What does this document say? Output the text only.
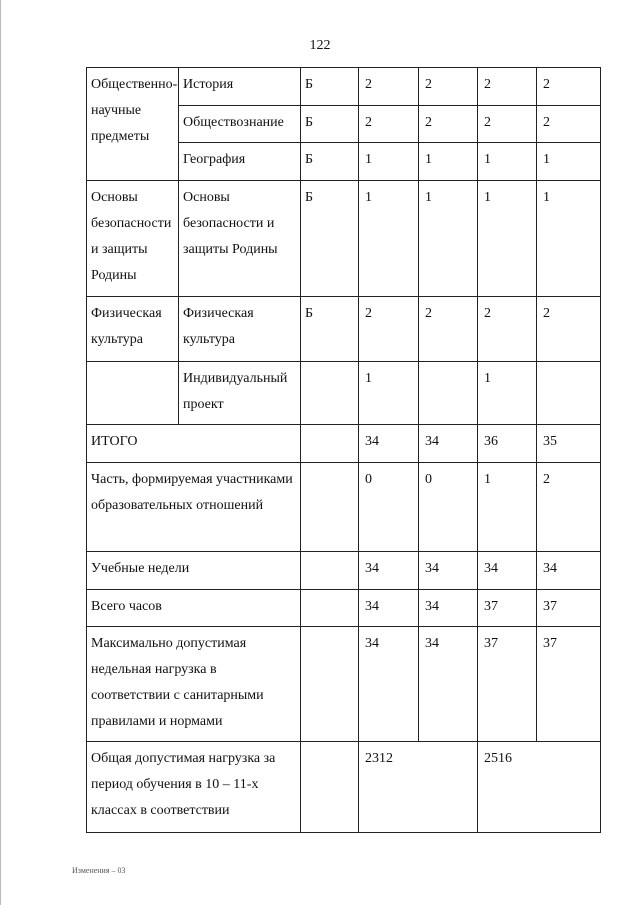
122
Общественно-научные предметы	История	Б	2	2	2	2
	Обществознание	Б	2	2	2	2
	География	Б	1	1	1	1
Основы безопасности и защиты Родины	Основы безопасности и защиты Родины	Б	1	1	1	1
Физическая культура	Физическая культура	Б	2	2	2	2
	Индивидуальный проект		1		1	
ИТОГО			34	34	36	35
Часть, формируемая участниками образовательных отношений			0	0	1	2
Учебные недели			34	34	34	34
Всего часов			34	34	37	37
Максимально допустимая недельная нагрузка в соответствии с санитарными правилами и нормами			34	34	37	37
Общая допустимая нагрузка за период обучения в 10 – 11-х классах в соответствии			2312		2516	
Изменения – 03
